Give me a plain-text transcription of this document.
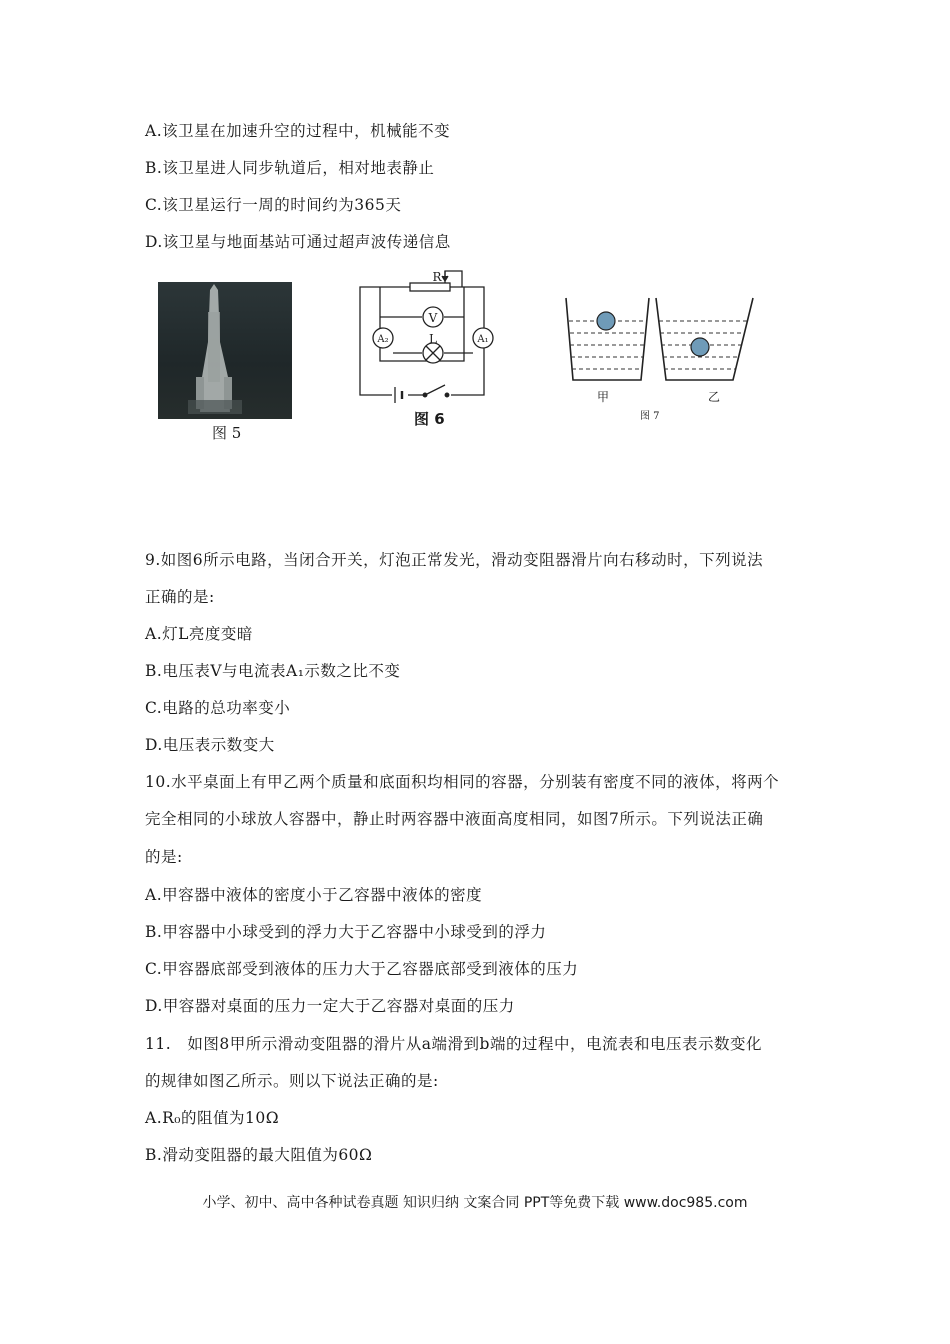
A.该卫星在加速升空的过程中，机械能不变
B.该卫星进人同步轨道后，相对地表静止
C.该卫星运行一周的时间约为365天
D.该卫星与地面基站可通过超声波传递信息
图 5
R
V
L
A₂	A₁
图 6
甲	乙
图 7
9.如图6所示电路，当闭合开关，灯泡正常发光，滑动变阻器滑片向右移动时，下列说法
正确的是:
A.灯L亮度变暗
B.电压表V与电流表A₁示数之比不变
C.电路的总功率变小
D.电压表示数变大
10.水平桌面上有甲乙两个质量和底面积均相同的容器，分别装有密度不同的液体，将两个
完全相同的小球放人容器中，静止时两容器中液面高度相同，如图7所示。下列说法正确
的是:
A.甲容器中液体的密度小于乙容器中液体的密度
B.甲容器中小球受到的浮力大于乙容器中小球受到的浮力
C.甲容器底部受到液体的压力大于乙容器底部受到液体的压力
D.甲容器对桌面的压力一定大于乙容器对桌面的压力
11.   如图8甲所示滑动变阻器的滑片从a端滑到b端的过程中，电流表和电压表示数变化
的规律如图乙所示。则以下说法正确的是:
A.R₀的阻值为10Ω
B.滑动变阻器的最大阻值为60Ω
小学、初中、高中各种试卷真题 知识归纳 文案合同 PPT等免费下载 www.doc985.com
